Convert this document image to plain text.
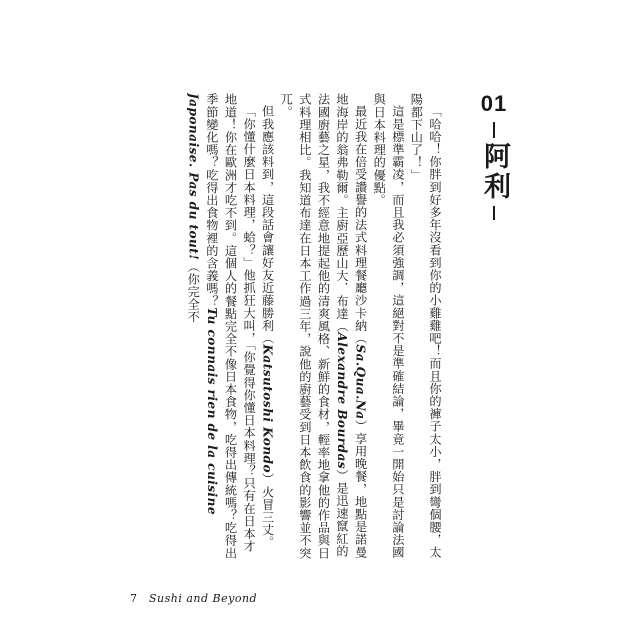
01
阿利

「哈哈！你胖到好多年沒看到你的小雞雞吧！而且你的褲子太小，胖到彎個腰，太陽都下山了！」

這是標準霸凌，而且我必須強調，這絕對不是準確結論，畢竟一開始只是討論法國與日本料理的優點。

最近我在倍受讚譽的法式料理餐廳沙卡納（Sa.Qua.Na）享用晚餐，地點是諾曼地海岸的翁弗勒爾。主廚亞歷山大．布達（Alexandre Bourdas）是迅速竄紅的法國廚藝之星，我不經意地提起他的清爽風格、新鮮的食材，輕率地拿他的作品與日式料理相比。我知道布達在日本工作過三年，說他的廚藝受到日本飲食的影響並不突兀。

但我應該料到，這段話會讓好友近藤勝利（Katsutoshi Kondo）火冒三丈。

「你懂什麼日本料理，蛤？」他抓狂大叫，「你覺得你懂日本料理？只有在日本才地道！你在歐洲才吃不到。這個人的餐點完全不像日本食物，吃得出傳統嗎？吃得出季節變化嗎？吃得出食物裡的含義嗎？Tu connais rien de la cuisine Japonaise. Pas du tout!（你完全不

7 Sushi and Beyond
